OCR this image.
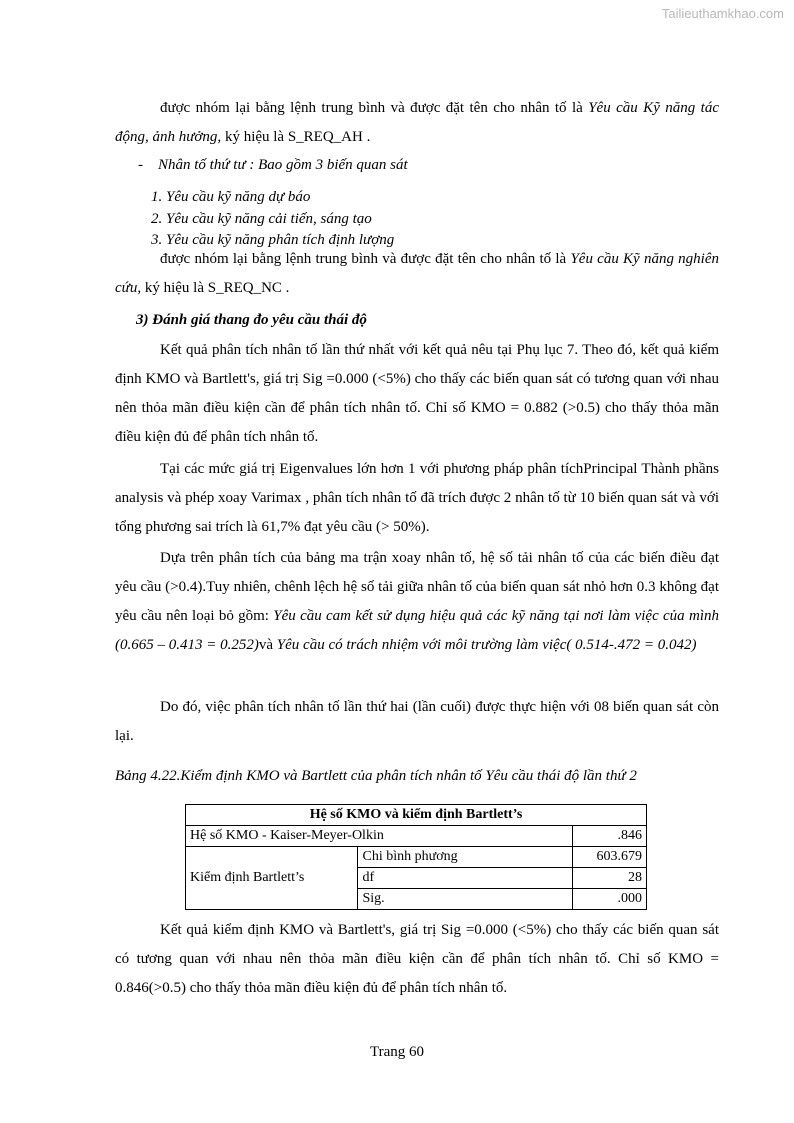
Tailieuthamkhao.com

được nhóm lại bằng lệnh trung bình và được đặt tên cho nhân tố là Yêu cầu Kỹ năng tác động, ảnh hưởng, ký hiệu là S_REQ_AH .

- Nhân tố thứ tư : Bao gồm 3 biến quan sát
1. Yêu cầu kỹ năng dự báo
2. Yêu cầu kỹ năng cải tiến, sáng tạo
3. Yêu cầu kỹ năng phân tích định lượng

được nhóm lại bằng lệnh trung bình và được đặt tên cho nhân tố là Yêu cầu Kỹ năng nghiên cứu, ký hiệu là S_REQ_NC .

3) Đánh giá thang đo yêu cầu thái độ

Kết quả phân tích nhân tố lần thứ nhất với kết quả nêu tại Phụ lục 7. Theo đó, kết quả kiểm định KMO và Bartlett's, giá trị Sig =0.000 (<5%) cho thấy các biến quan sát có tương quan với nhau nên thỏa mãn điều kiện cần để phân tích nhân tố. Chỉ số KMO = 0.882 (>0.5) cho thấy thỏa mãn điều kiện đủ để phân tích nhân tố.

Tại các mức giá trị Eigenvalues lớn hơn 1 với phương pháp phân tíchPrincipal Thành phầns analysis và phép xoay Varimax , phân tích nhân tố đã trích được 2 nhân tố từ 10 biến quan sát và với tổng phương sai trích là 61,7% đạt yêu cầu (> 50%).

Dựa trên phân tích của bảng ma trận xoay nhân tố, hệ số tải nhân tố của các biến điều đạt yêu cầu (>0.4).Tuy nhiên, chênh lệch hệ số tải giữa nhân tố của biến quan sát nhỏ hơn 0.3 không đạt yêu cầu nên loại bỏ gồm: Yêu cầu cam kết sử dụng hiệu quả các kỹ năng tại nơi làm việc của mình (0.665 – 0.413 = 0.252)và Yêu cầu có trách nhiệm với môi trường làm việc( 0.514-.472 = 0.042)

Do đó, việc phân tích nhân tố lần thứ hai (lần cuối) được thực hiện với 08 biến quan sát còn lại.

Bảng 4.22.Kiểm định KMO và Bartlett của phân tích nhân tố Yêu cầu thái độ lần thứ 2
Hệ số KMO và kiểm định Bartlett’s		
Hệ số KMO - Kaiser-Meyer-Olkin		.846
Kiểm định Bartlett’s	Chi bình phương	603.679
	df	28
	Sig.	.000

Kết quả kiểm định KMO và Bartlett's, giá trị Sig =0.000 (<5%) cho thấy các biến quan sát có tương quan với nhau nên thỏa mãn điều kiện cần để phân tích nhân tố. Chỉ số KMO = 0.846(>0.5) cho thấy thỏa mãn điều kiện đủ để phân tích nhân tố.

Trang 60
